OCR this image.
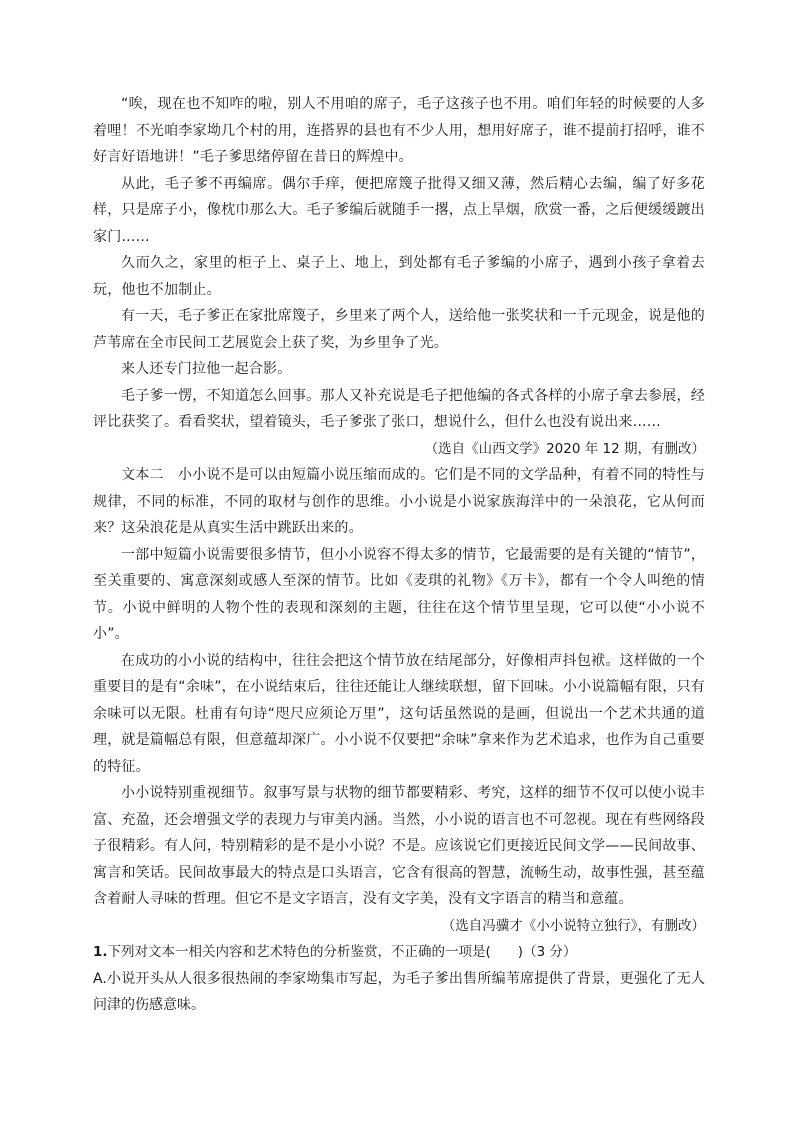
“唉，现在也不知咋的啦，别人不用咱的席子，毛子这孩子也不用。咱们年轻的时候要的人多着哩！不光咱李家坳几个村的用，连搭界的县也有不少人用，想用好席子，谁不提前打招呼，谁不好言好语地讲！”毛子爹思绪停留在昔日的辉煌中。

从此，毛子爹不再编席。偶尔手痒，便把席篾子批得又细又薄，然后精心去编，编了好多花样，只是席子小，像枕巾那么大。毛子爹编后就随手一撂，点上旱烟，欣赏一番，之后便缓缓踱出家门……

久而久之，家里的柜子上、桌子上、地上，到处都有毛子爹编的小席子，遇到小孩子拿着去玩，他也不加制止。

有一天，毛子爹正在家批席篾子，乡里来了两个人，送给他一张奖状和一千元现金，说是他的芦苇席在全市民间工艺展览会上获了奖，为乡里争了光。

来人还专门拉他一起合影。

毛子爹一愣，不知道怎么回事。那人又补充说是毛子把他编的各式各样的小席子拿去参展，经评比获奖了。看看奖状，望着镜头，毛子爹张了张口，想说什么，但什么也没有说出来……

（选自《山西文学》2020 年 12 期，有删改）

文本二　小小说不是可以由短篇小说压缩而成的。它们是不同的文学品种，有着不同的特性与规律，不同的标准，不同的取材与创作的思维。小小说是小说家族海洋中的一朵浪花，它从何而来？这朵浪花是从真实生活中跳跃出来的。

一部中短篇小说需要很多情节，但小小说容不得太多的情节，它最需要的是有关键的“情节”，至关重要的、寓意深刻或感人至深的情节。比如《麦琪的礼物》《万卡》，都有一个令人叫绝的情节。小说中鲜明的人物个性的表现和深刻的主题，往往在这个情节里呈现，它可以使“小小说不小”。

在成功的小小说的结构中，往往会把这个情节放在结尾部分，好像相声抖包袱。这样做的一个重要目的是有“余味”，在小说结束后，往往还能让人继续联想，留下回味。小小说篇幅有限，只有余味可以无限。杜甫有句诗“咫尺应须论万里”，这句话虽然说的是画，但说出一个艺术共通的道理，就是篇幅总有限，但意蕴却深广。小小说不仅要把“余味”拿来作为艺术追求，也作为自己重要的特征。

小小说特别重视细节。叙事写景与状物的细节都要精彩、考究，这样的细节不仅可以使小说丰富、充盈，还会增强文学的表现力与审美内涵。当然，小小说的语言也不可忽视。现在有些网络段子很精彩。有人问，特别精彩的是不是小小说？不是。应该说它们更接近民间文学——民间故事、寓言和笑话。民间故事最大的特点是口头语言，它含有很高的智慧，流畅生动，故事性强，甚至蕴含着耐人寻味的哲理。但它不是文字语言，没有文字美，没有文字语言的精当和意蕴。

（选自冯骥才《小小说特立独行》，有删改）

1.下列对文本一相关内容和艺术特色的分析鉴赏，不正确的一项是(　　)（3 分）

A.小说开头从人很多很热闹的李家坳集市写起，为毛子爹出售所编苇席提供了背景，更强化了无人问津的伤感意味。
